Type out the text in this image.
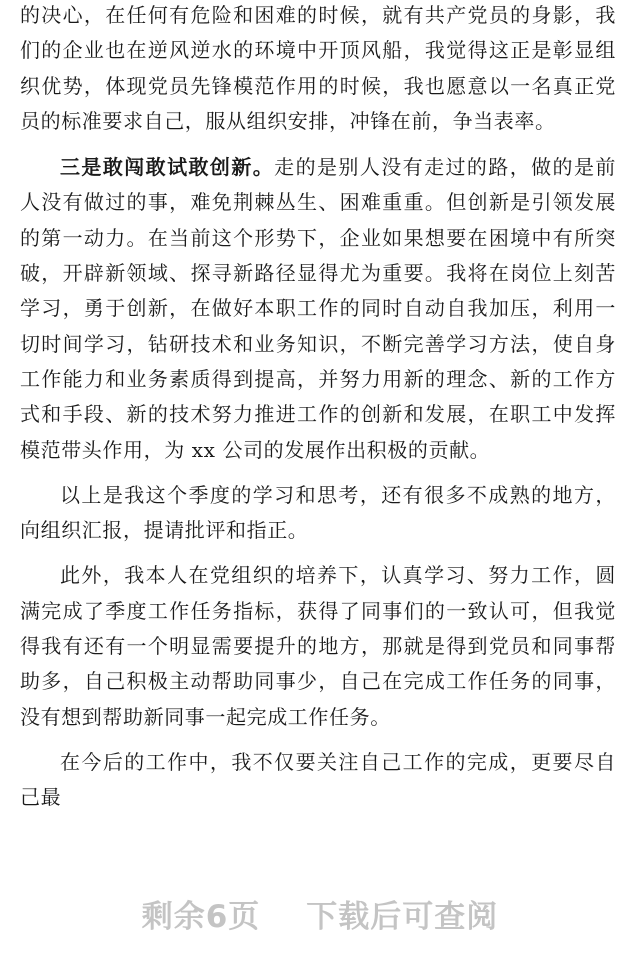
的决心，在任何有危险和困难的时候，就有共产党员的身影，我们的企业也在逆风逆水的环境中开顶风船，我觉得这正是彰显组织优势，体现党员先锋模范作用的时候，我也愿意以一名真正党员的标准要求自己，服从组织安排，冲锋在前，争当表率。

三是敢闯敢试敢创新。走的是别人没有走过的路，做的是前人没有做过的事，难免荆棘丛生、困难重重。但创新是引领发展的第一动力。在当前这个形势下，企业如果想要在困境中有所突破，开辟新领域、探寻新路径显得尤为重要。我将在岗位上刻苦学习，勇于创新，在做好本职工作的同时自动自我加压，利用一切时间学习，钻研技术和业务知识，不断完善学习方法，使自身工作能力和业务素质得到提高，并努力用新的理念、新的工作方式和手段、新的技术努力推进工作的创新和发展，在职工中发挥模范带头作用，为 xx 公司的发展作出积极的贡献。

以上是我这个季度的学习和思考，还有很多不成熟的地方，向组织汇报，提请批评和指正。

此外，我本人在党组织的培养下，认真学习、努力工作，圆满完成了季度工作任务指标，获得了同事们的一致认可，但我觉得我有还有一个明显需要提升的地方，那就是得到党员和同事帮助多，自己积极主动帮助同事少，自己在完成工作任务的同事，没有想到帮助新同事一起完成工作任务。

在今后的工作中，我不仅要关注自己工作的完成，更要尽自己最

剩余6页 下载后可查阅
